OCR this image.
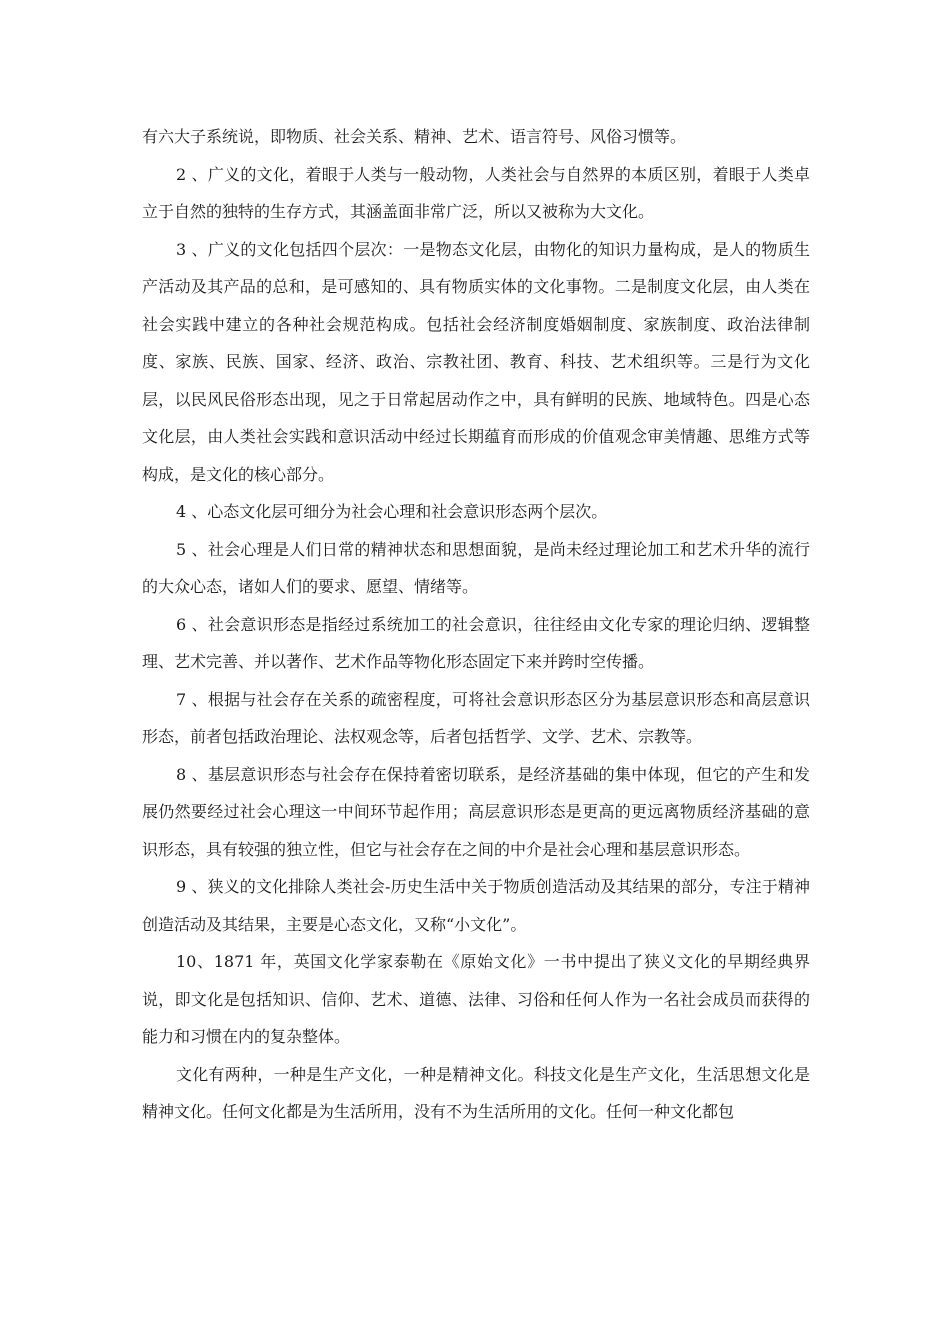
有六大子系统说，即物质、社会关系、精神、艺术、语言符号、风俗习惯等。

2 、广义的文化，着眼于人类与一般动物，人类社会与自然界的本质区别，着眼于人类卓立于自然的独特的生存方式，其涵盖面非常广泛，所以又被称为大文化。

3 、广义的文化包括四个层次：一是物态文化层，由物化的知识力量构成，是人的物质生产活动及其产品的总和，是可感知的、具有物质实体的文化事物。二是制度文化层，由人类在社会实践中建立的各种社会规范构成。包括社会经济制度婚姻制度、家族制度、政治法律制度、家族、民族、国家、经济、政治、宗教社团、教育、科技、艺术组织等。三是行为文化层，以民风民俗形态出现，见之于日常起居动作之中，具有鲜明的民族、地域特色。四是心态文化层，由人类社会实践和意识活动中经过长期蕴育而形成的价值观念审美情趣、思维方式等构成，是文化的核心部分。

4 、心态文化层可细分为社会心理和社会意识形态两个层次。

5 、社会心理是人们日常的精神状态和思想面貌，是尚未经过理论加工和艺术升华的流行的大众心态，诸如人们的要求、愿望、情绪等。

6 、社会意识形态是指经过系统加工的社会意识，往往经由文化专家的理论归纳、逻辑整理、艺术完善、并以著作、艺术作品等物化形态固定下来并跨时空传播。

7 、根据与社会存在关系的疏密程度，可将社会意识形态区分为基层意识形态和高层意识形态，前者包括政治理论、法权观念等，后者包括哲学、文学、艺术、宗教等。

8 、基层意识形态与社会存在保持着密切联系，是经济基础的集中体现，但它的产生和发展仍然要经过社会心理这一中间环节起作用；高层意识形态是更高的更远离物质经济基础的意识形态，具有较强的独立性，但它与社会存在之间的中介是社会心理和基层意识形态。

9 、狭义的文化排除人类社会-历史生活中关于物质创造活动及其结果的部分，专注于精神创造活动及其结果，主要是心态文化，又称“小文化”。

10、1871 年，英国文化学家泰勒在《原始文化》一书中提出了狭义文化的早期经典界说，即文化是包括知识、信仰、艺术、道德、法律、习俗和任何人作为一名社会成员而获得的能力和习惯在内的复杂整体。

文化有两种，一种是生产文化，一种是精神文化。科技文化是生产文化，生活思想文化是精神文化。任何文化都是为生活所用，没有不为生活所用的文化。任何一种文化都包
